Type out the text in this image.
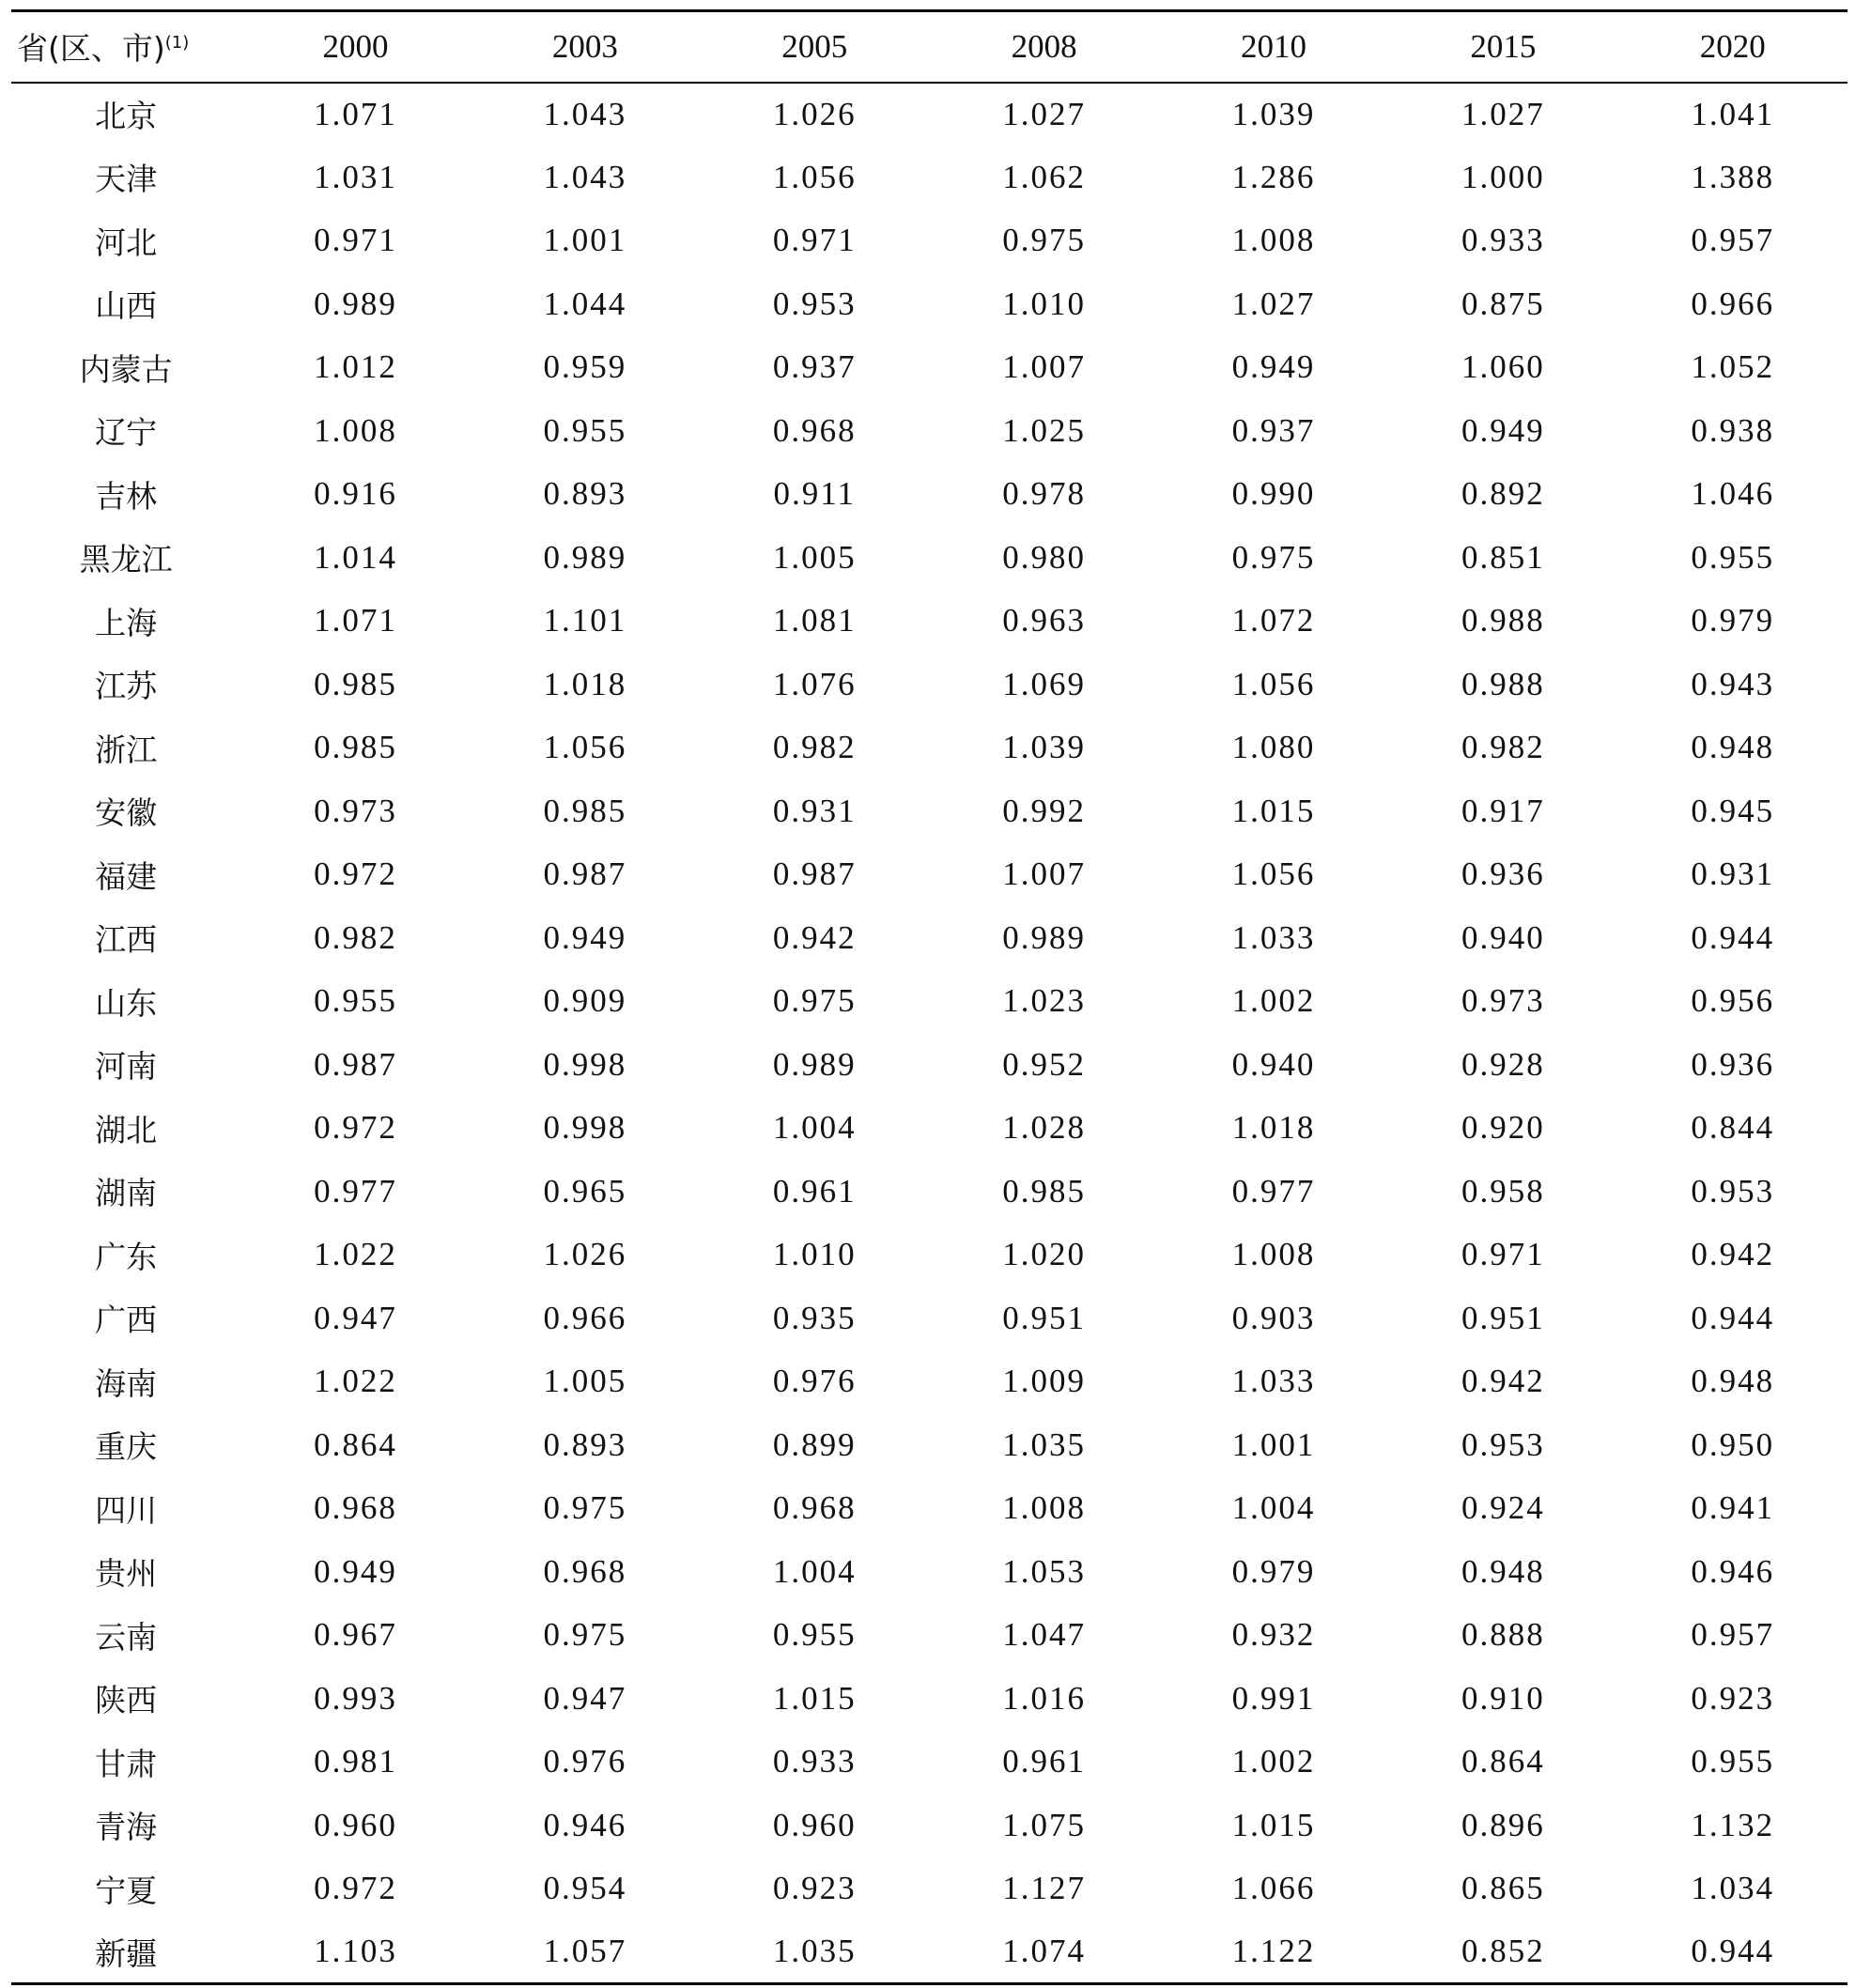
省(区、市)$^{(1)}$	2000	2003	2005	2008	2010	2015	2020
北京	1.071	1.043	1.026	1.027	1.039	1.027	1.041
天津	1.031	1.043	1.056	1.062	1.286	1.000	1.388
河北	0.971	1.001	0.971	0.975	1.008	0.933	0.957
山西	0.989	1.044	0.953	1.010	1.027	0.875	0.966
内蒙古	1.012	0.959	0.937	1.007	0.949	1.060	1.052
辽宁	1.008	0.955	0.968	1.025	0.937	0.949	0.938
吉林	0.916	0.893	0.911	0.978	0.990	0.892	1.046
黑龙江	1.014	0.989	1.005	0.980	0.975	0.851	0.955
上海	1.071	1.101	1.081	0.963	1.072	0.988	0.979
江苏	0.985	1.018	1.076	1.069	1.056	0.988	0.943
浙江	0.985	1.056	0.982	1.039	1.080	0.982	0.948
安徽	0.973	0.985	0.931	0.992	1.015	0.917	0.945
福建	0.972	0.987	0.987	1.007	1.056	0.936	0.931
江西	0.982	0.949	0.942	0.989	1.033	0.940	0.944
山东	0.955	0.909	0.975	1.023	1.002	0.973	0.956
河南	0.987	0.998	0.989	0.952	0.940	0.928	0.936
湖北	0.972	0.998	1.004	1.028	1.018	0.920	0.844
湖南	0.977	0.965	0.961	0.985	0.977	0.958	0.953
广东	1.022	1.026	1.010	1.020	1.008	0.971	0.942
广西	0.947	0.966	0.935	0.951	0.903	0.951	0.944
海南	1.022	1.005	0.976	1.009	1.033	0.942	0.948
重庆	0.864	0.893	0.899	1.035	1.001	0.953	0.950
四川	0.968	0.975	0.968	1.008	1.004	0.924	0.941
贵州	0.949	0.968	1.004	1.053	0.979	0.948	0.946
云南	0.967	0.975	0.955	1.047	0.932	0.888	0.957
陕西	0.993	0.947	1.015	1.016	0.991	0.910	0.923
甘肃	0.981	0.976	0.933	0.961	1.002	0.864	0.955
青海	0.960	0.946	0.960	1.075	1.015	0.896	1.132
宁夏	0.972	0.954	0.923	1.127	1.066	0.865	1.034
新疆	1.103	1.057	1.035	1.074	1.122	0.852	0.944
